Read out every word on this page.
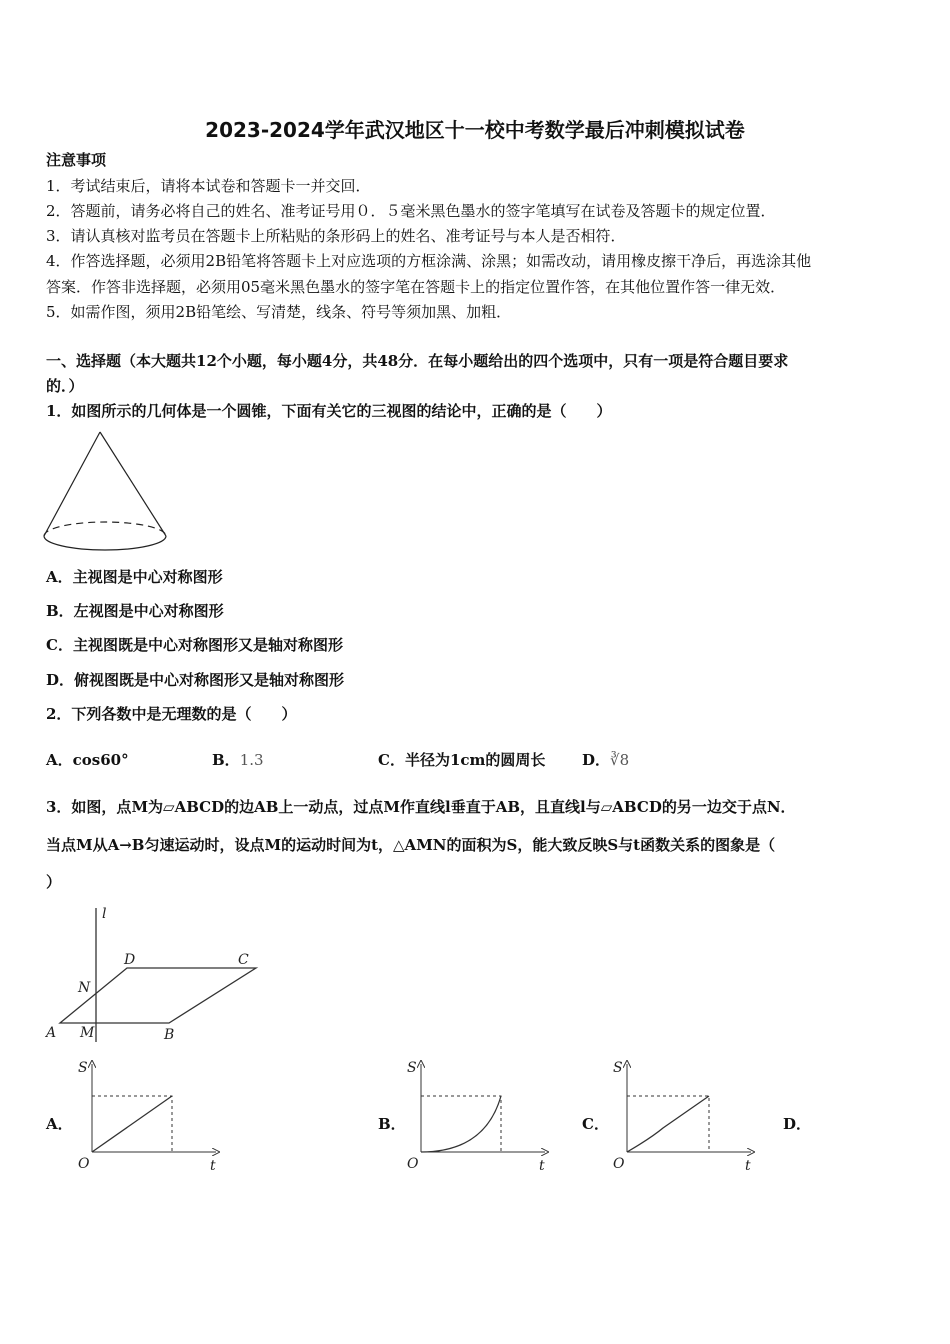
2023-2024学年武汉地区十一校中考数学最后冲刺模拟试卷
注意事项
1．考试结束后，请将本试卷和答题卡一并交回．
2．答题前，请务必将自己的姓名、准考证号用０．５毫米黑色墨水的签字笔填写在试卷及答题卡的规定位置．
3．请认真核对监考员在答题卡上所粘贴的条形码上的姓名、准考证号与本人是否相符．
4．作答选择题，必须用2B铅笔将答题卡上对应选项的方框涂满、涂黑；如需改动，请用橡皮擦干净后，再选涂其他
答案．作答非选择题，必须用05毫米黑色墨水的签字笔在答题卡上的指定位置作答，在其他位置作答一律无效．
5．如需作图，须用2B铅笔绘、写清楚，线条、符号等须加黑、加粗．
一、选择题（本大题共12个小题，每小题4分，共48分．在每小题给出的四个选项中，只有一项是符合题目要求
的．）
1．如图所示的几何体是一个圆锥，下面有关它的三视图的结论中，正确的是（　　）
A．主视图是中心对称图形
B．左视图是中心对称图形
C．主视图既是中心对称图形又是轴对称图形
D．俯视图既是中心对称图形又是轴对称图形
2．下列各数中是无理数的是（　　）
A．cos60°	B．1.3	C．半径为1cm的圆周长 D．∛8
3．如图，点M为▱ABCD的边AB上一动点，过点M作直线l垂直于AB，且直线l与▱ABCD的另一边交于点N．
当点M从A→B匀速运动时，设点M的运动时间为t，△AMN的面积为S，能大致反映S与t函数关系的图象是（
）
l
D	C
N
A M	B
A．
S
O	t
B．
S
O	t
C．
S
O	t
D．
